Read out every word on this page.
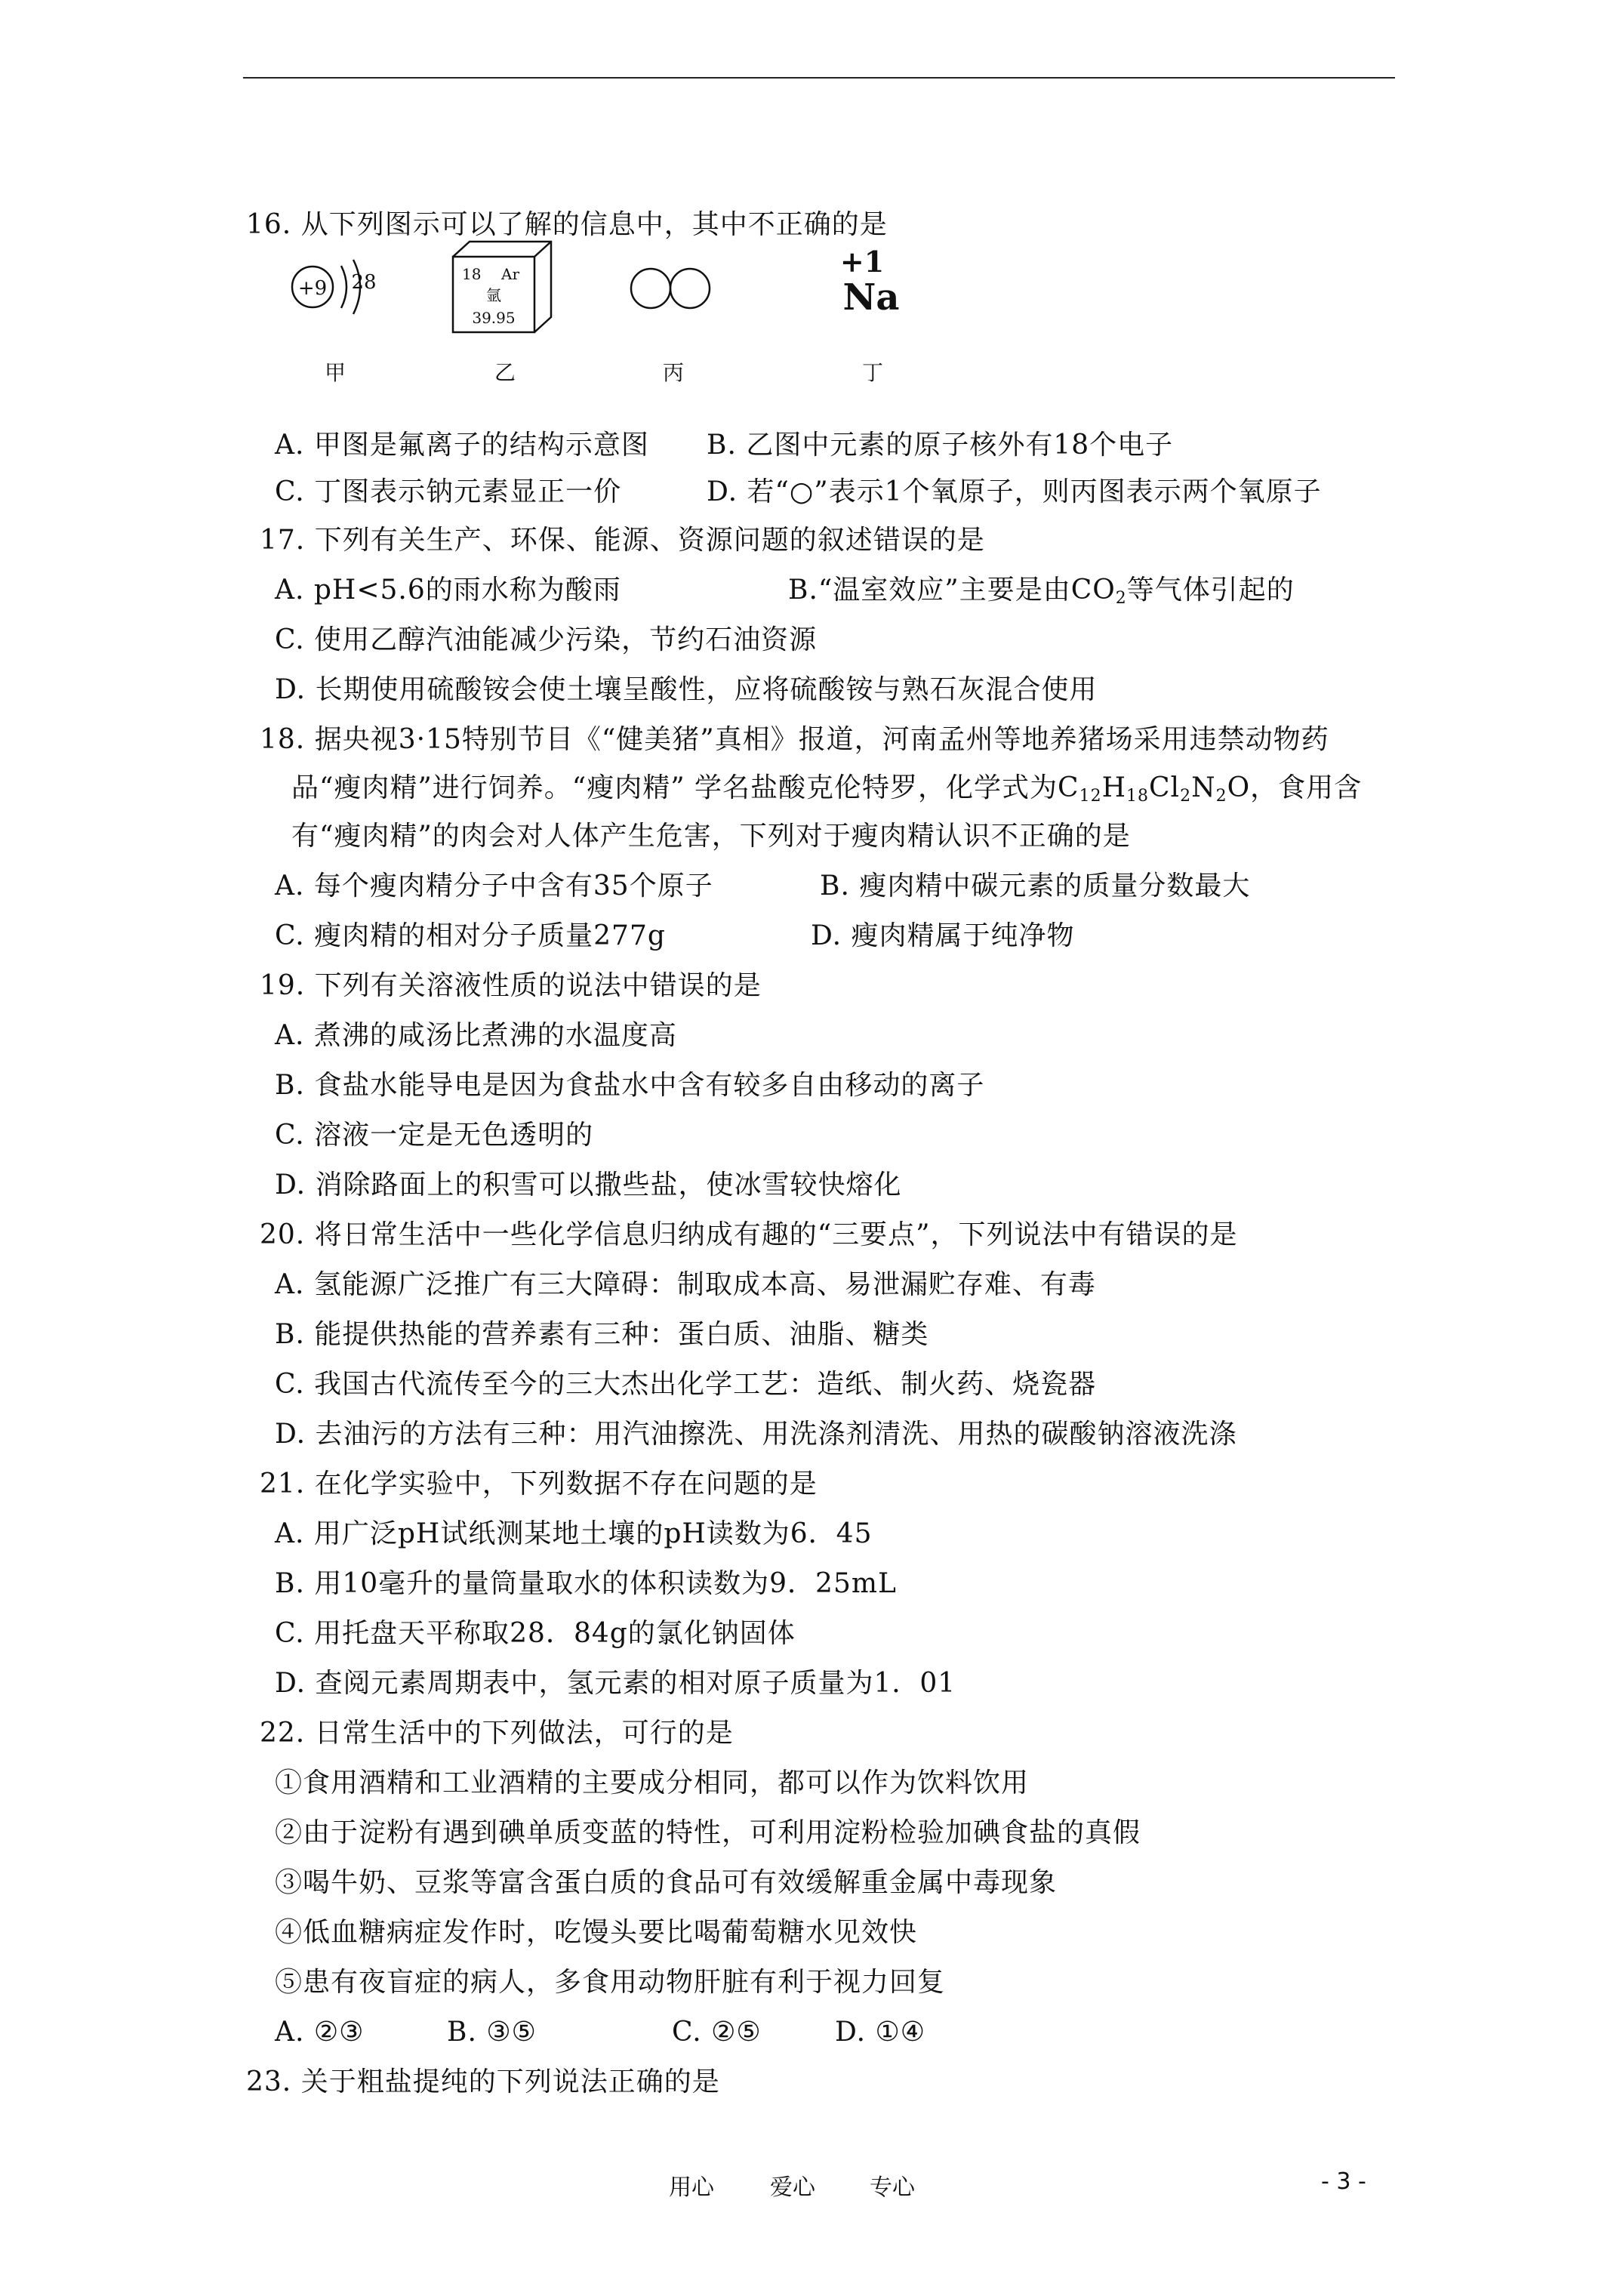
16. 从下列图示可以了解的信息中，其中不正确的是
+9 28
甲
18 Ar
氩
39.95
乙	丙
+1
Na
丁
A. 甲图是氟离子的结构示意图 B. 乙图中元素的原子核外有18个电子
C. 丁图表示钠元素显正一价	D. 若“○”表示1个氧原子，则丙图表示两个氧原子
17. 下列有关生产、环保、能源、资源问题的叙述错误的是
A. pH<5.6的雨水称为酸雨	B.“温室效应”主要是由$CO_2$等气体引起的
C. 使用乙醇汽油能减少污染，节约石油资源
D. 长期使用硫酸铵会使土壤呈酸性，应将硫酸铵与熟石灰混合使用
18. 据央视3·15特别节目《“健美猪”真相》报道，河南孟州等地养猪场采用违禁动物药
品“瘦肉精”进行饲养。“瘦肉精” 学名盐酸克伦特罗，化学式为$C_{12}H_{18}Cl_2N_2O$，食用含
有“瘦肉精”的肉会对人体产生危害，下列对于瘦肉精认识不正确的是
A. 每个瘦肉精分子中含有35个原子	B. 瘦肉精中碳元素的质量分数最大
C. 瘦肉精的相对分子质量277g	D. 瘦肉精属于纯净物
19. 下列有关溶液性质的说法中错误的是
A. 煮沸的咸汤比煮沸的水温度高
B. 食盐水能导电是因为食盐水中含有较多自由移动的离子
C. 溶液一定是无色透明的
D. 消除路面上的积雪可以撒些盐，使冰雪较快熔化
20. 将日常生活中一些化学信息归纳成有趣的“三要点”，下列说法中有错误的是
A. 氢能源广泛推广有三大障碍：制取成本高、易泄漏贮存难、有毒
B. 能提供热能的营养素有三种：蛋白质、油脂、糖类
C. 我国古代流传至今的三大杰出化学工艺：造纸、制火药、烧瓷器
D. 去油污的方法有三种：用汽油擦洗、用洗涤剂清洗、用热的碳酸钠溶液洗涤
21. 在化学实验中，下列数据不存在问题的是
A. 用广泛pH试纸测某地土壤的pH读数为6．45
B. 用10毫升的量筒量取水的体积读数为9．25mL
C. 用托盘天平称取28．84g的氯化钠固体
D. 查阅元素周期表中，氢元素的相对原子质量为1．01
22. 日常生活中的下列做法，可行的是
①食用酒精和工业酒精的主要成分相同，都可以作为饮料饮用
②由于淀粉有遇到碘单质变蓝的特性，可利用淀粉检验加碘食盐的真假
③喝牛奶、豆浆等富含蛋白质的食品可有效缓解重金属中毒现象
④低血糖病症发作时，吃馒头要比喝葡萄糖水见效快
⑤患有夜盲症的病人，多食用动物肝脏有利于视力回复
A. ②③	B. ③⑤	C. ②⑤	D. ①④
23. 关于粗盐提纯的下列说法正确的是
用心 爱心 专心	- 3 -
